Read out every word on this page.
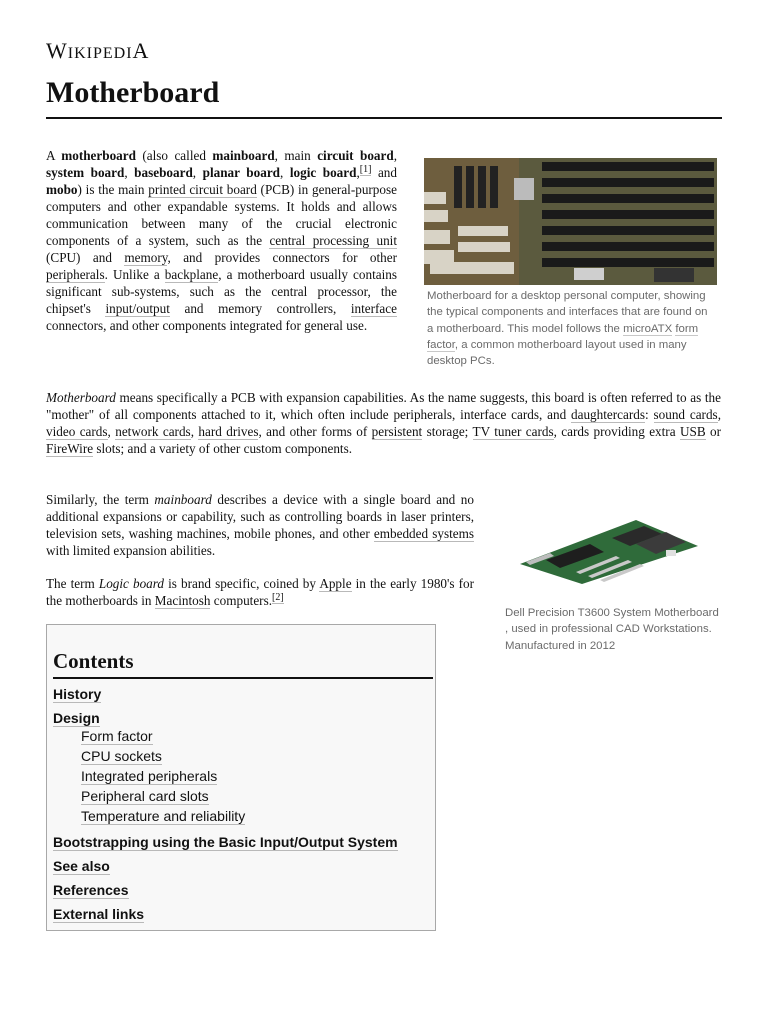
WIKIPEDIA
Motherboard

A motherboard (also called mainboard, main circuit board, system board, baseboard, planar board, logic board,[1] and mobo) is the main printed circuit board (PCB) in general-purpose computers and other expandable systems. It holds and allows communication between many of the crucial electronic components of a system, such as the central processing unit (CPU) and memory, and provides connectors for other peripherals. Unlike a backplane, a motherboard usually contains significant sub-systems, such as the central processor, the chipset's input/output and memory controllers, interface connectors, and other components integrated for general use.

Motherboard for a desktop personal computer, showing the typical components and interfaces that are found on a motherboard. This model follows the microATX form factor, a common motherboard layout used in many desktop PCs.

Motherboard means specifically a PCB with expansion capabilities. As the name suggests, this board is often referred to as the "mother" of all components attached to it, which often include peripherals, interface cards, and daughtercards: sound cards, video cards, network cards, hard drives, and other forms of persistent storage; TV tuner cards, cards providing extra USB or FireWire slots; and a variety of other custom components.

Similarly, the term mainboard describes a device with a single board and no additional expansions or capability, such as controlling boards in laser printers, television sets, washing machines, mobile phones, and other embedded systems with limited expansion abilities.

The term Logic board is brand specific, coined by Apple in the early 1980's for the motherboards in Macintosh computers.[2]

Dell Precision T3600 System Motherboard , used in professional CAD Workstations. Manufactured in 2012

Contents
History
Design
Form factor
CPU sockets
Integrated peripherals
Peripheral card slots
Temperature and reliability
Bootstrapping using the Basic Input/Output System
See also
References
External links
